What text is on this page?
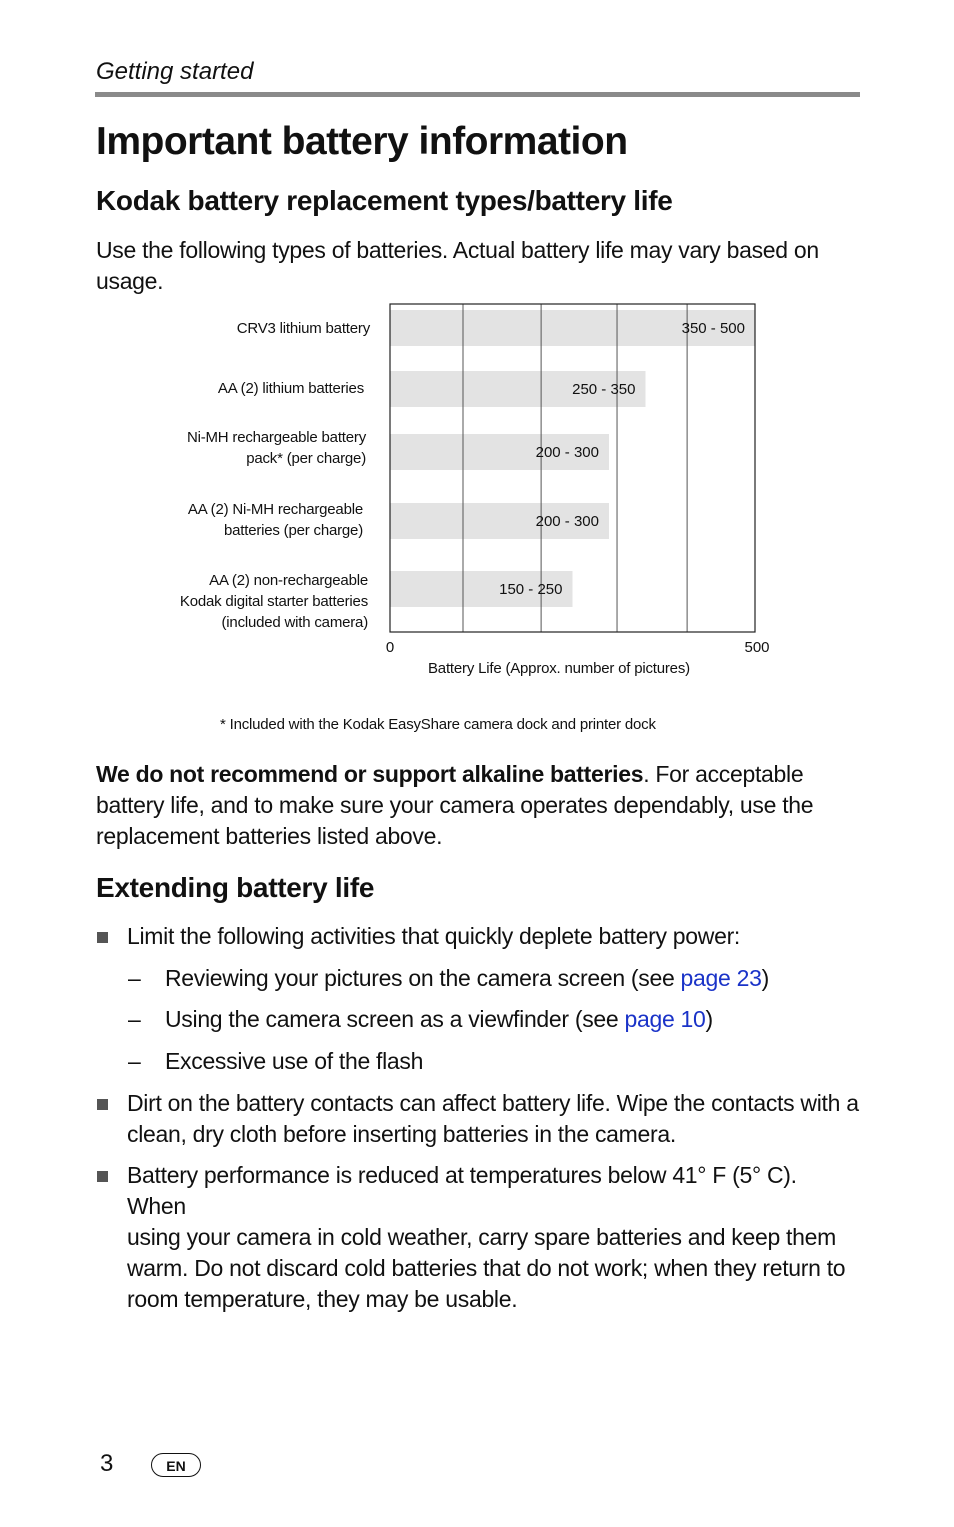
Getting started
Important battery information
Kodak battery replacement types/battery life
Use the following types of batteries. Actual battery life may vary based on usage.
CRV3 lithium battery
AA (2) lithium batteries
Ni-MH rechargeable battery
pack* (per charge)
AA (2) Ni-MH rechargeable
batteries (per charge)
AA (2) non-rechargeable
Kodak digital starter batteries
(included with camera)
350 - 500
250 - 350
200 - 300
200 - 300
150 - 250
0	500
Battery Life (Approx. number of pictures)
* Included with the Kodak EasyShare camera dock and printer dock
We do not recommend or support alkaline batteries. For acceptable
battery life, and to make sure your camera operates dependably, use the
replacement batteries listed above.
Extending battery life
Limit the following activities that quickly deplete battery power:
– Reviewing your pictures on the camera screen (see page 23)
– Using the camera screen as a viewfinder (see page 10)
– Excessive use of the flash
Dirt on the battery contacts can affect battery life. Wipe the contacts with a
clean, dry cloth before inserting batteries in the camera.
Battery performance is reduced at temperatures below 41° F (5° C). When
using your camera in cold weather, carry spare batteries and keep them
warm. Do not discard cold batteries that do not work; when they return to
room temperature, they may be usable.
3	EN
